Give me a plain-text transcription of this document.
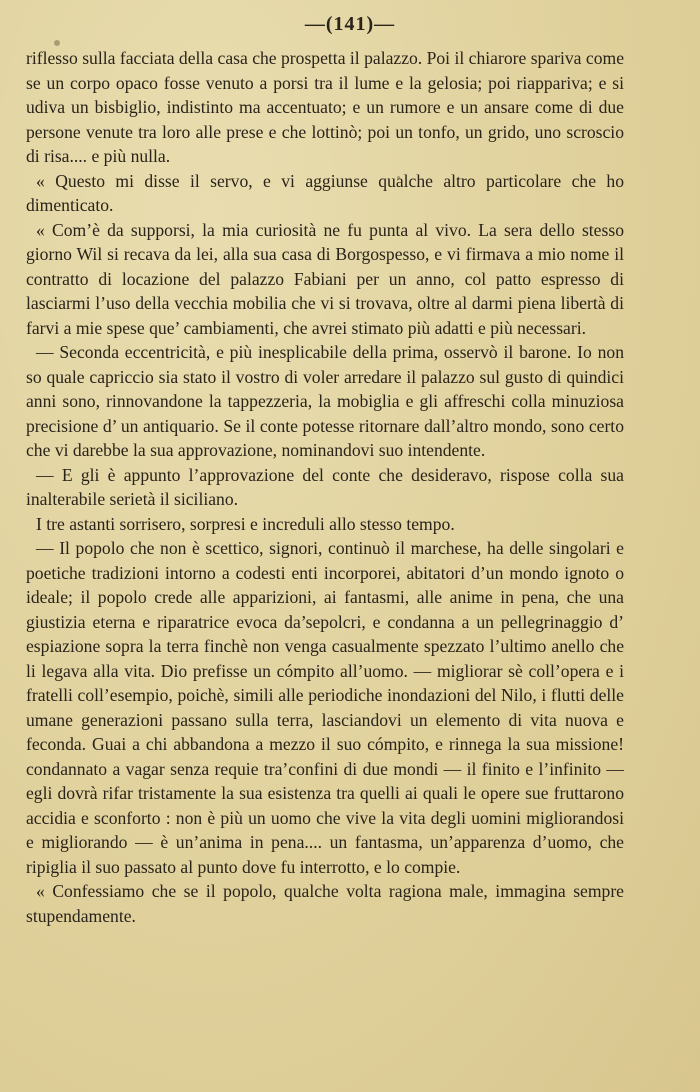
—(141)—

riflesso sulla facciata della casa che prospetta il palazzo. Poi il chiarore spariva come se un corpo opaco fosse venuto a porsi tra il lume e la gelosia; poi riappariva; e si udiva un bisbiglio, indistinto ma accentuato; e un rumore e un ansare come di due persone venute tra loro alle prese e che lottinò; poi un tonfo, un grido, uno scroscio di risa.... e più nulla.

« Questo mi disse il servo, e vi aggiunse qualche altro particolare che ho dimenticato.

« Com’è da supporsi, la mia curiosità ne fu punta al vivo. La sera dello stesso giorno Wil si recava da lei, alla sua casa di Borgospesso, e vi firmava a mio nome il contratto di locazione del palazzo Fabiani per un anno, col patto espresso di lasciarmi l’uso della vecchia mobilia che vi si trovava, oltre al darmi piena libertà di farvi a mie spese que’ cambiamenti, che avrei stimato più adatti e più necessari.

— Seconda eccentricità, e più inesplicabile della prima, osservò il barone. Io non so quale capriccio sia stato il vostro di voler arredare il palazzo sul gusto di quindici anni sono, rinnovandone la tappezzeria, la mobiglia e gli affreschi colla minuziosa precisione d’ un antiquario. Se il conte potesse ritornare dall’altro mondo, sono certo che vi darebbe la sua approvazione, nominandovi suo intendente.

— E gli è appunto l’approvazione del conte che desideravo, risposе colla sua inalterabile serietà il siciliano.

I tre astanti sorrisero, sorpresi e increduli allo stesso tempo.

— Il popolo che non è scettico, signori, continuò il marchese, ha delle singolari e poetiche tradizioni intorno a codesti enti incorporei, abitatori d’un mondo ignoto o ideale; il popolo crede alle apparizioni, ai fantasmi, alle anime in pena, che una giustizia eterna e riparatrice evoca da’sepolcri, e condanna a un pellegrinaggio d’ espiazione sopra la terra finchè non venga casualmente spezzato l’ultimo anello che li legava alla vita. Dio prefisse un cómpito all’uomo. — migliorar sè coll’opera e i fratelli coll’esempio, poichè, simili alle periodiche inondazioni del Nilo, i flutti delle umane generazioni passano sulla terra, lasciandovi un elemento di vita nuova e feconda. Guai a chi abbandona a mezzo il suo cómpito, e rinnega la sua missione! condannato a vagar senza requie tra’confini di due mondi — il finito e l’infinito — egli dovrà rifar tristamente la sua esistenza tra quelli ai quali le opere sue fruttarono accidia e sconforto : non è più un uomo che vive la vita degli uomini migliorandosi e migliorando — è un’anima in pena.... un fantasma, un’apparenza d’uomo, che ripiglia il suo passato al punto dove fu interrotto, e lo compie.

« Confessiamo che se il popolo, qualche volta ragiona male, immagina sempre stupendamente.
